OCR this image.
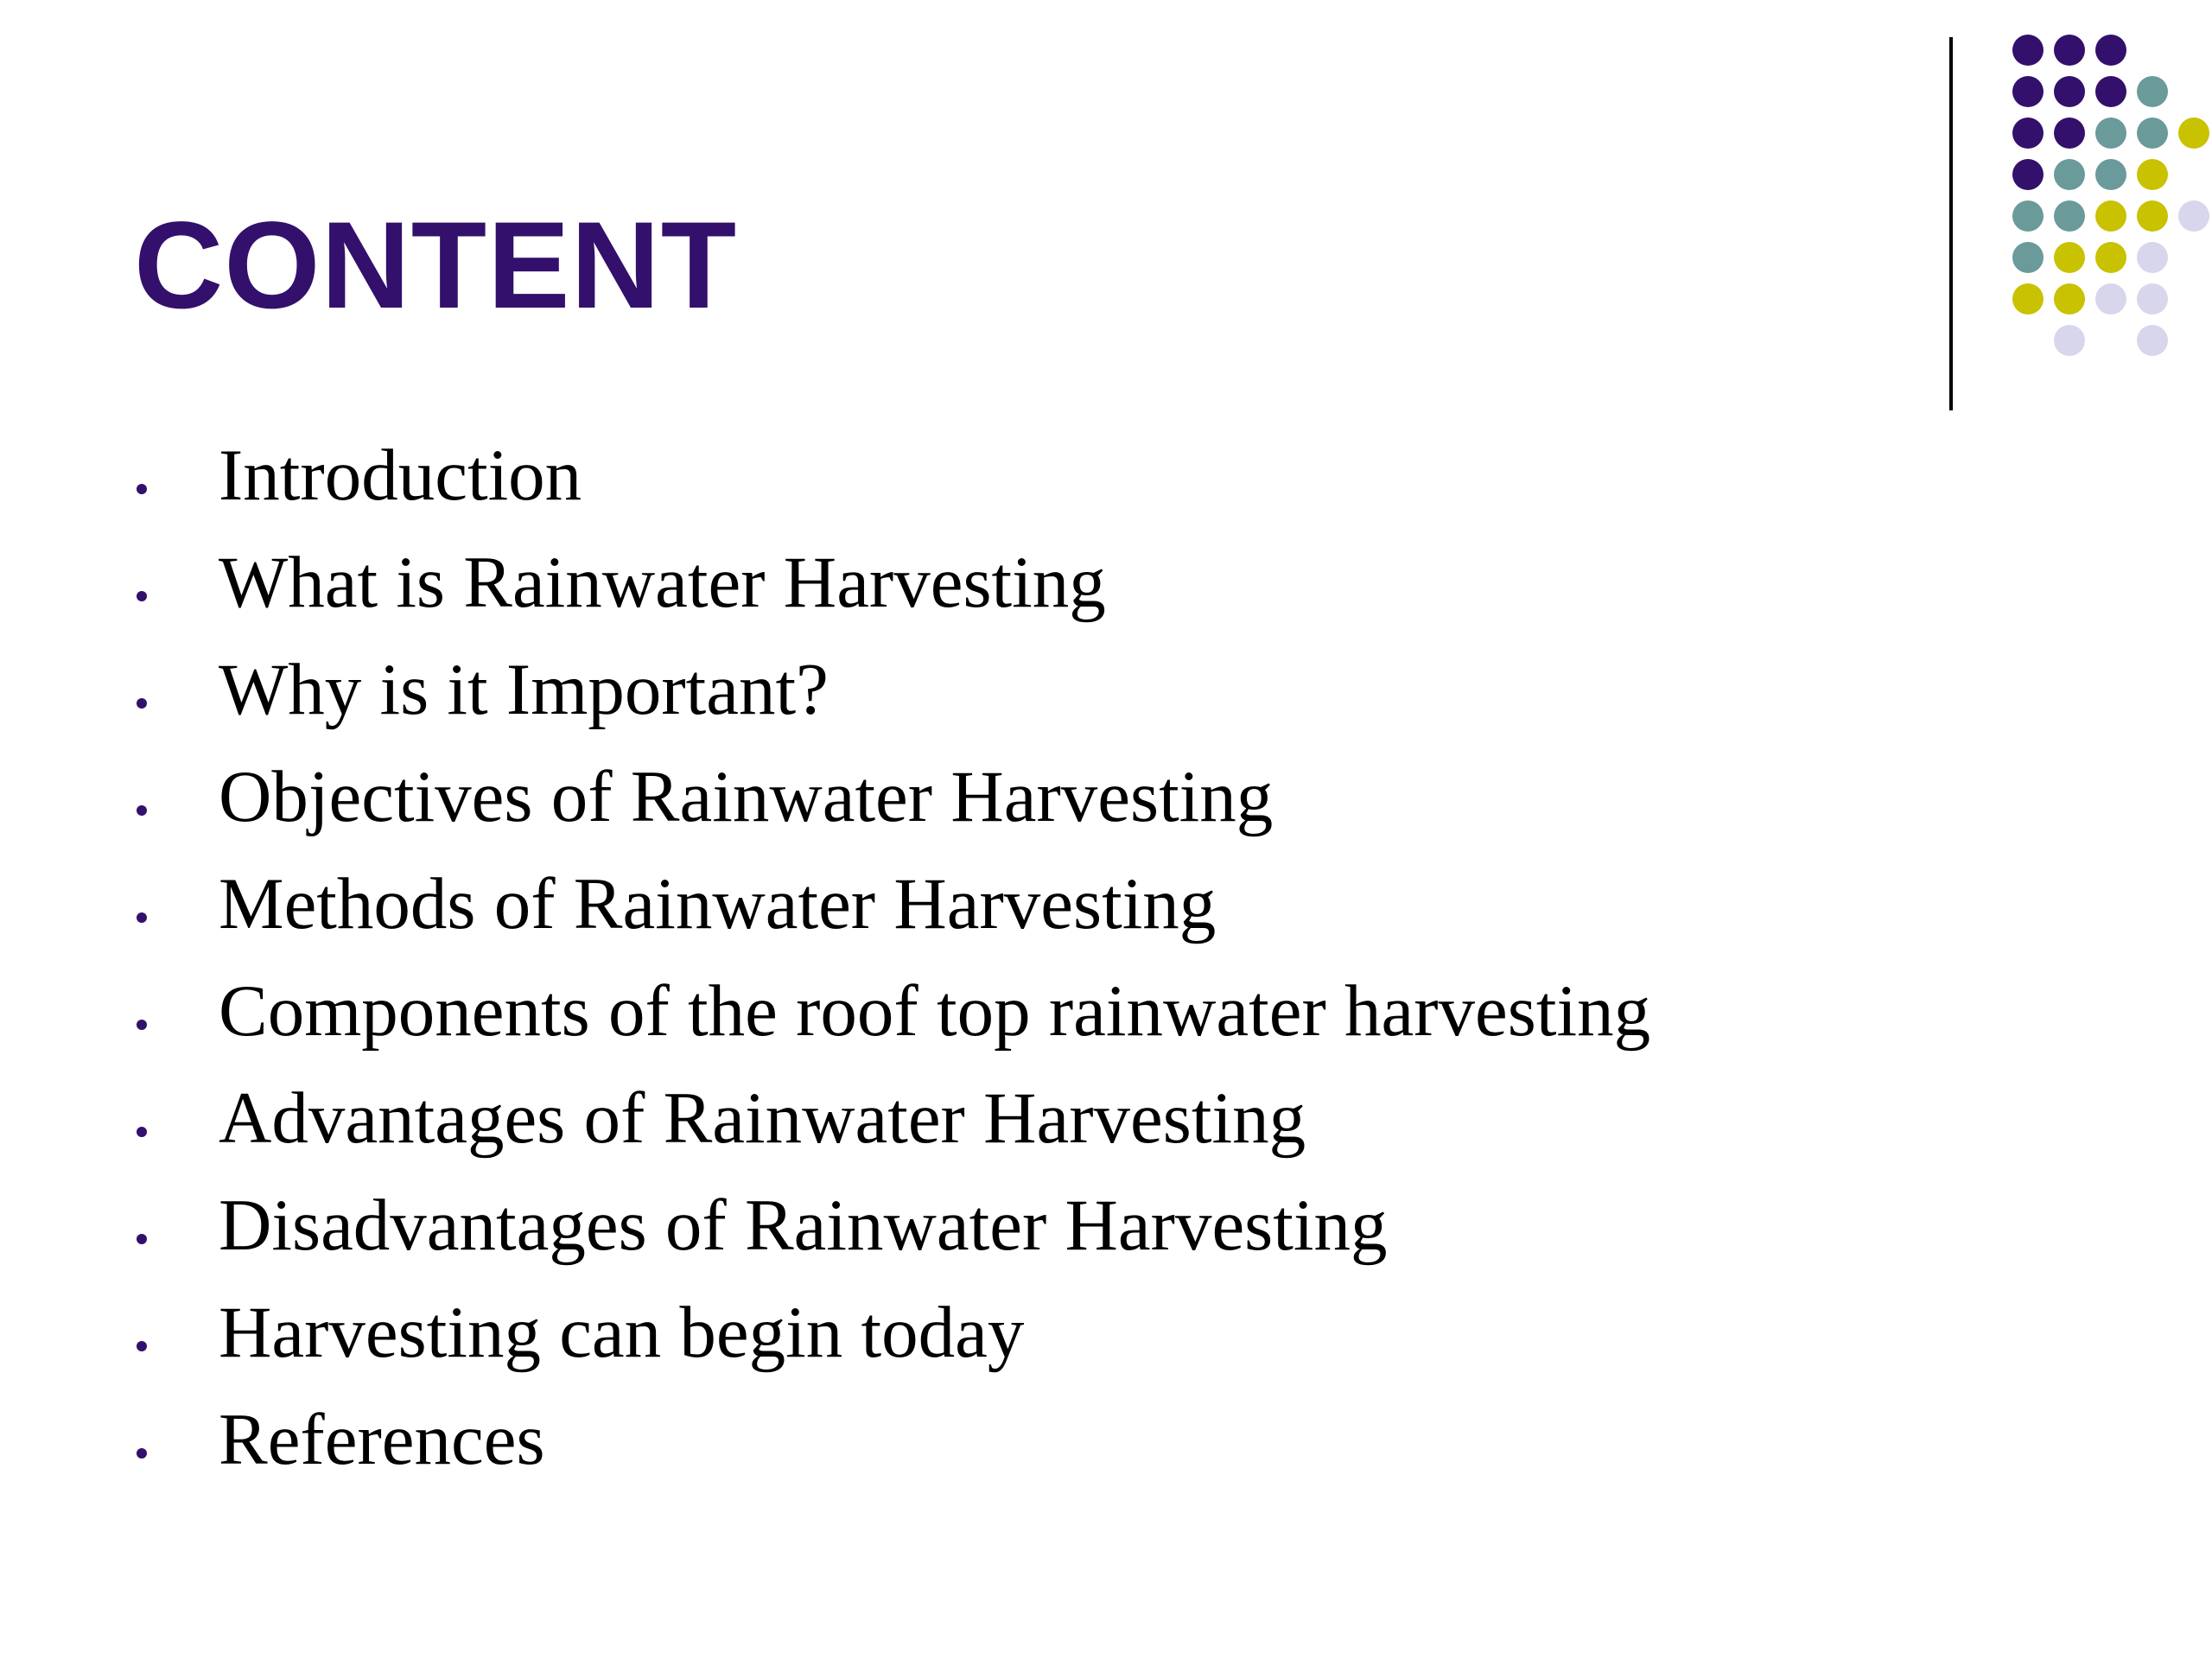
CONTENT
Introduction
What is Rainwater Harvesting
Why is it Important?
Objectives of Rainwater Harvesting
Methods of Rainwater Harvesting
Components of the roof top rainwater harvesting
Advantages of Rainwater Harvesting
Disadvantages of Rainwater Harvesting
Harvesting can begin today
References
